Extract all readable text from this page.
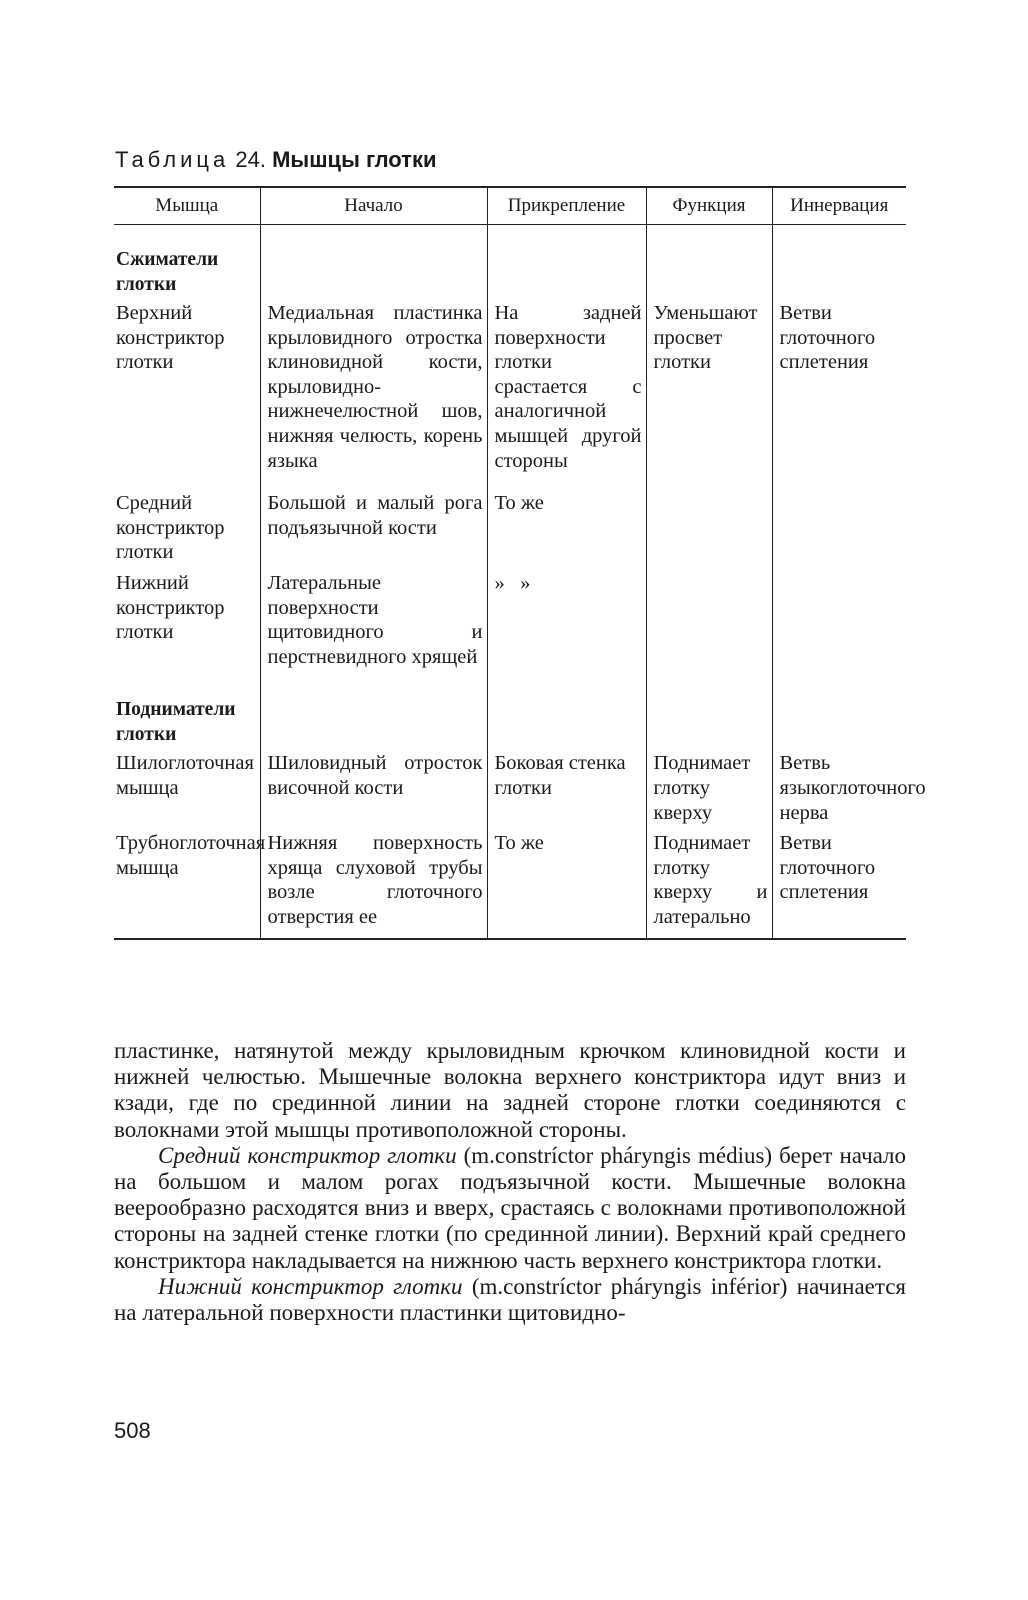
Таблица 24. Мышцы глотки
Мышца	Начало	Прикрепление	Функция	Иннервация

Сжиматели глотки				

Верхний констриктор глотки	Медиальная пластинка крыловидного отростка клиновидной кости, крыловидно-нижнечелюстной шов, нижняя челюсть, корень языка	На задней поверхности глотки срастается с аналогичной мышцей другой стороны	Уменьшают просвет глотки	Ветви глоточного сплетения
Средний констриктор глотки	Большой и малый рога подъязычной кости	То же		
Нижний констриктор глотки	Латеральные поверхности щитовидного и перстневидного хрящей	»   »		

Подниматели глотки				

Шилоглоточная мышца	Шиловидный отросток височной кости	Боковая стенка глотки	Поднимает глотку кверху	Ветвь языкоглоточного нерва
Трубноглоточная мышца	Нижняя поверхность хряща слуховой трубы возле глоточного отверстия ее	То же	Поднимает глотку кверху и латерально	Ветви глоточного сплетения

пластинке, натянутой между крыловидным крючком клиновидной кости и нижней челюстью. Мышечные волокна верхнего констриктора идут вниз и кзади, где по срединной линии на задней стороне глотки соединяются с волокнами этой мышцы противоположной стороны.

Средний констриктор глотки (m.constríctor pháryngis médius) берет начало на большом и малом рогах подъязычной кости. Мышечные волокна веерообразно расходятся вниз и вверх, срастаясь с волокнами противоположной стороны на задней стенке глотки (по срединной линии). Верхний край среднего констриктора накладывается на нижнюю часть верхнего констриктора глотки.

Нижний констриктор глотки (m.constríctor pháryngis inférior) начинается на латеральной поверхности пластинки щитовидно-

508
